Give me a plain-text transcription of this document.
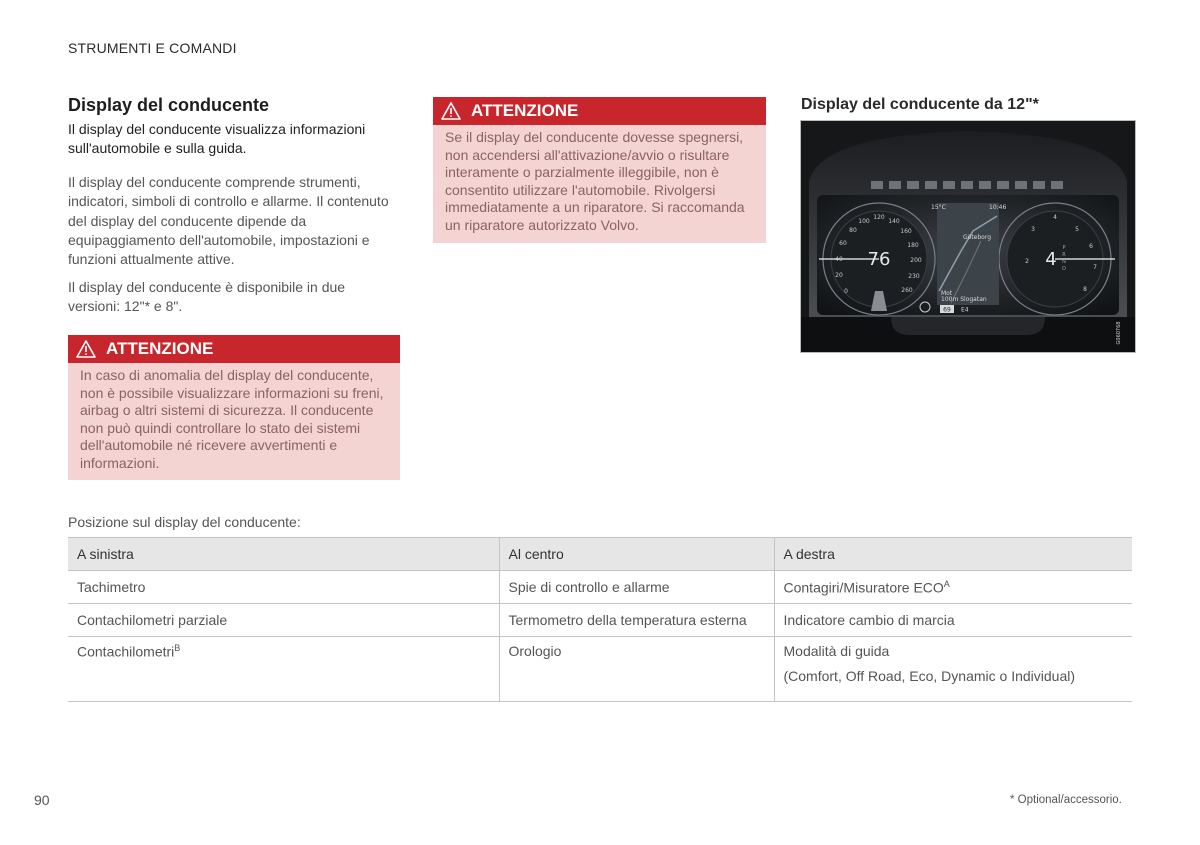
STRUMENTI E COMANDI
Display del conducente
Il display del conducente visualizza informazioni sull'automobile e sulla guida.
Il display del conducente comprende strumenti, indicatori, simboli di controllo e allarme. Il contenuto del display del conducente dipende da equipaggiamento dell'automobile, impostazioni e funzioni attualmente attive.
Il display del conducente è disponibile in due versioni: 12"* e 8".
ATTENZIONE
In caso di anomalia del display del conducente, non è possibile visualizzare informazioni su freni, airbag o altri sistemi di sicurezza. Il conducente non può quindi controllare lo stato dei sistemi dell'automobile né ricevere avvertimenti e informazioni.
ATTENZIONE
Se il display del conducente dovesse spegnersi, non accendersi all'attivazione/avvio o risultare interamente o parzialmente illeggibile, non è consentito utilizzare l'automobile. Rivolgersi immediatamente a un riparatore. Si raccomanda un riparatore autorizzato Volvo.
Display del conducente da 12"*
0
20
40
60
80
100
120
140
160
180
200
230
260
2
3
4
5
6
7
8
76	4
P
R
N
D
15°C	10:46
Göteborg
Mot
100m Slogatan
69 E4
G060768
Posizione sul display del conducente:
A sinistra	Al centro	A destra
Tachimetro	Spie di controllo e allarme	Contagiri/Misuratore $ECO^A$
Contachilometri parziale	Termometro della temperatura esterna	Indicatore cambio di marcia
Contachilometri$^B$	Orologio	Modalità di guida
(Comfort, Off Road, Eco, Dynamic o Individual)
90	* Optional/accessorio.
